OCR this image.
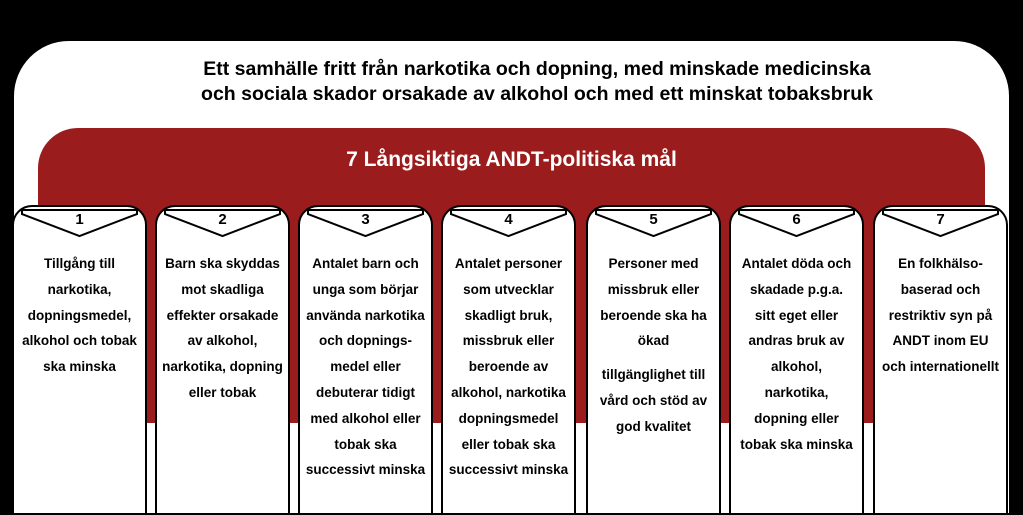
Ett samhälle fritt från narkotika och dopning, med minskade medicinska och sociala skador orsakade av alkohol och med ett minskat tobaksbruk

7 Långsiktiga ANDT-politiska mål

1

Tillgång till

narkotika,

dopningsmedel,

alkohol och tobak

ska minska

2

Barn ska skyddas

mot skadliga

effekter orsakade

av alkohol,

narkotika, dopning

eller tobak

3

Antalet barn och

unga som börjar

använda narkotika

och dopnings-

medel eller

debuterar tidigt

med alkohol eller

tobak ska

successivt minska

4

Antalet personer

som utvecklar

skadligt bruk,

missbruk eller

beroende av

alkohol, narkotika

dopningsmedel

eller tobak ska

successivt minska

5

Personer med

missbruk eller

beroende ska ha

ökad

tillgänglighet till

vård och stöd av

god kvalitet

6

Antalet döda och

skadade p.g.a.

sitt eget eller

andras bruk av

alkohol,

narkotika,

dopning eller

tobak ska minska

7

En folkhälso-

baserad och

restriktiv syn på

ANDT inom EU

och internationellt
